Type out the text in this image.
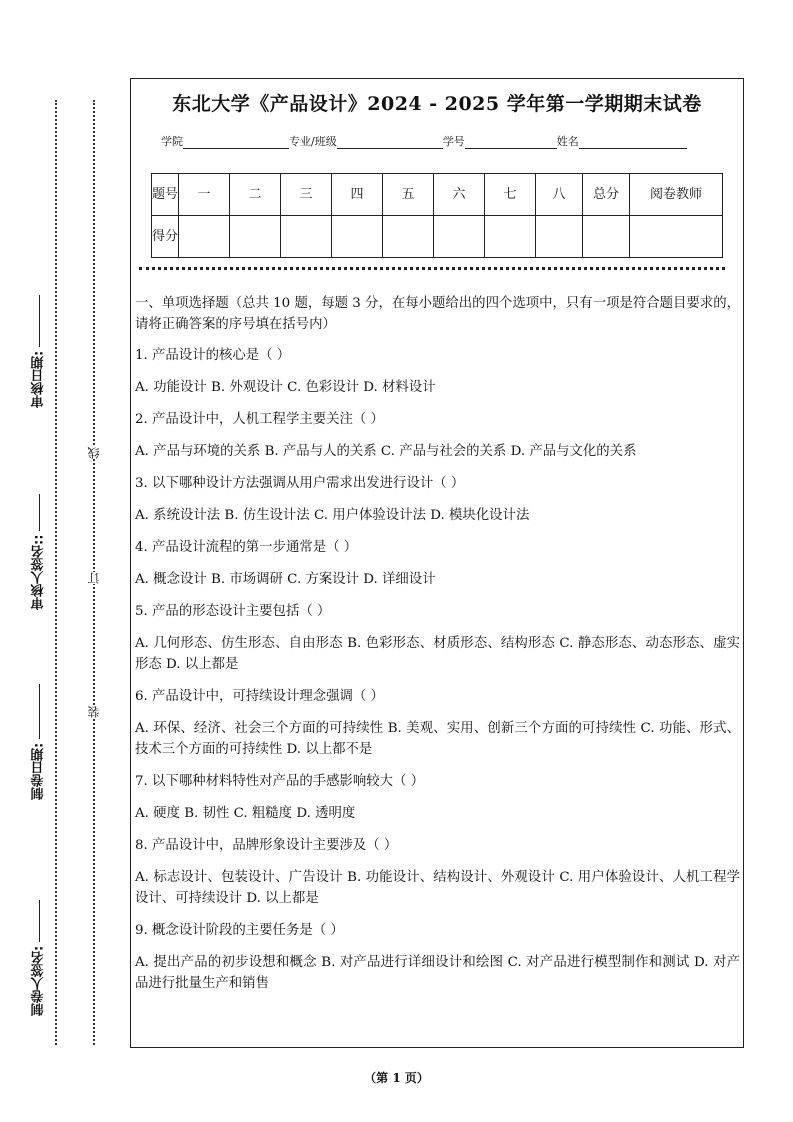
审核日期:
审核人签名::
制卷日期:
制卷人签名:
线
订
装
东北大学《产品设计》2024 - 2025 学年第一学期期末试卷
学院	专业/班级	学号	姓名
题号	一	二	三	四	五	六	七	八	总分	阅卷教师
得分										

一、单项选择题（总共 10 题，每题 3 分，在每小题给出的四个选项中，只有一项是符合题目要求的，请将正确答案的序号填在括号内）

1. 产品设计的核心是（ ）

A. 功能设计 B. 外观设计 C. 色彩设计 D. 材料设计

2. 产品设计中，人机工程学主要关注（ ）

A. 产品与环境的关系 B. 产品与人的关系 C. 产品与社会的关系 D. 产品与文化的关系

3. 以下哪种设计方法强调从用户需求出发进行设计（ ）

A. 系统设计法 B. 仿生设计法 C. 用户体验设计法 D. 模块化设计法

4. 产品设计流程的第一步通常是（ ）

A. 概念设计 B. 市场调研 C. 方案设计 D. 详细设计

5. 产品的形态设计主要包括（ ）

A. 几何形态、仿生形态、自由形态 B. 色彩形态、材质形态、结构形态 C. 静态形态、动态形态、虚实形态 D. 以上都是

6. 产品设计中，可持续设计理念强调（ ）

A. 环保、经济、社会三个方面的可持续性 B. 美观、实用、创新三个方面的可持续性 C. 功能、形式、技术三个方面的可持续性 D. 以上都不是

7. 以下哪种材料特性对产品的手感影响较大（ ）

A. 硬度 B. 韧性 C. 粗糙度 D. 透明度

8. 产品设计中，品牌形象设计主要涉及（ ）

A. 标志设计、包装设计、广告设计 B. 功能设计、结构设计、外观设计 C. 用户体验设计、人机工程学设计、可持续设计 D. 以上都是

9. 概念设计阶段的主要任务是（ ）

A. 提出产品的初步设想和概念 B. 对产品进行详细设计和绘图 C. 对产品进行模型制作和测试 D. 对产品进行批量生产和销售

（第 1 页）
